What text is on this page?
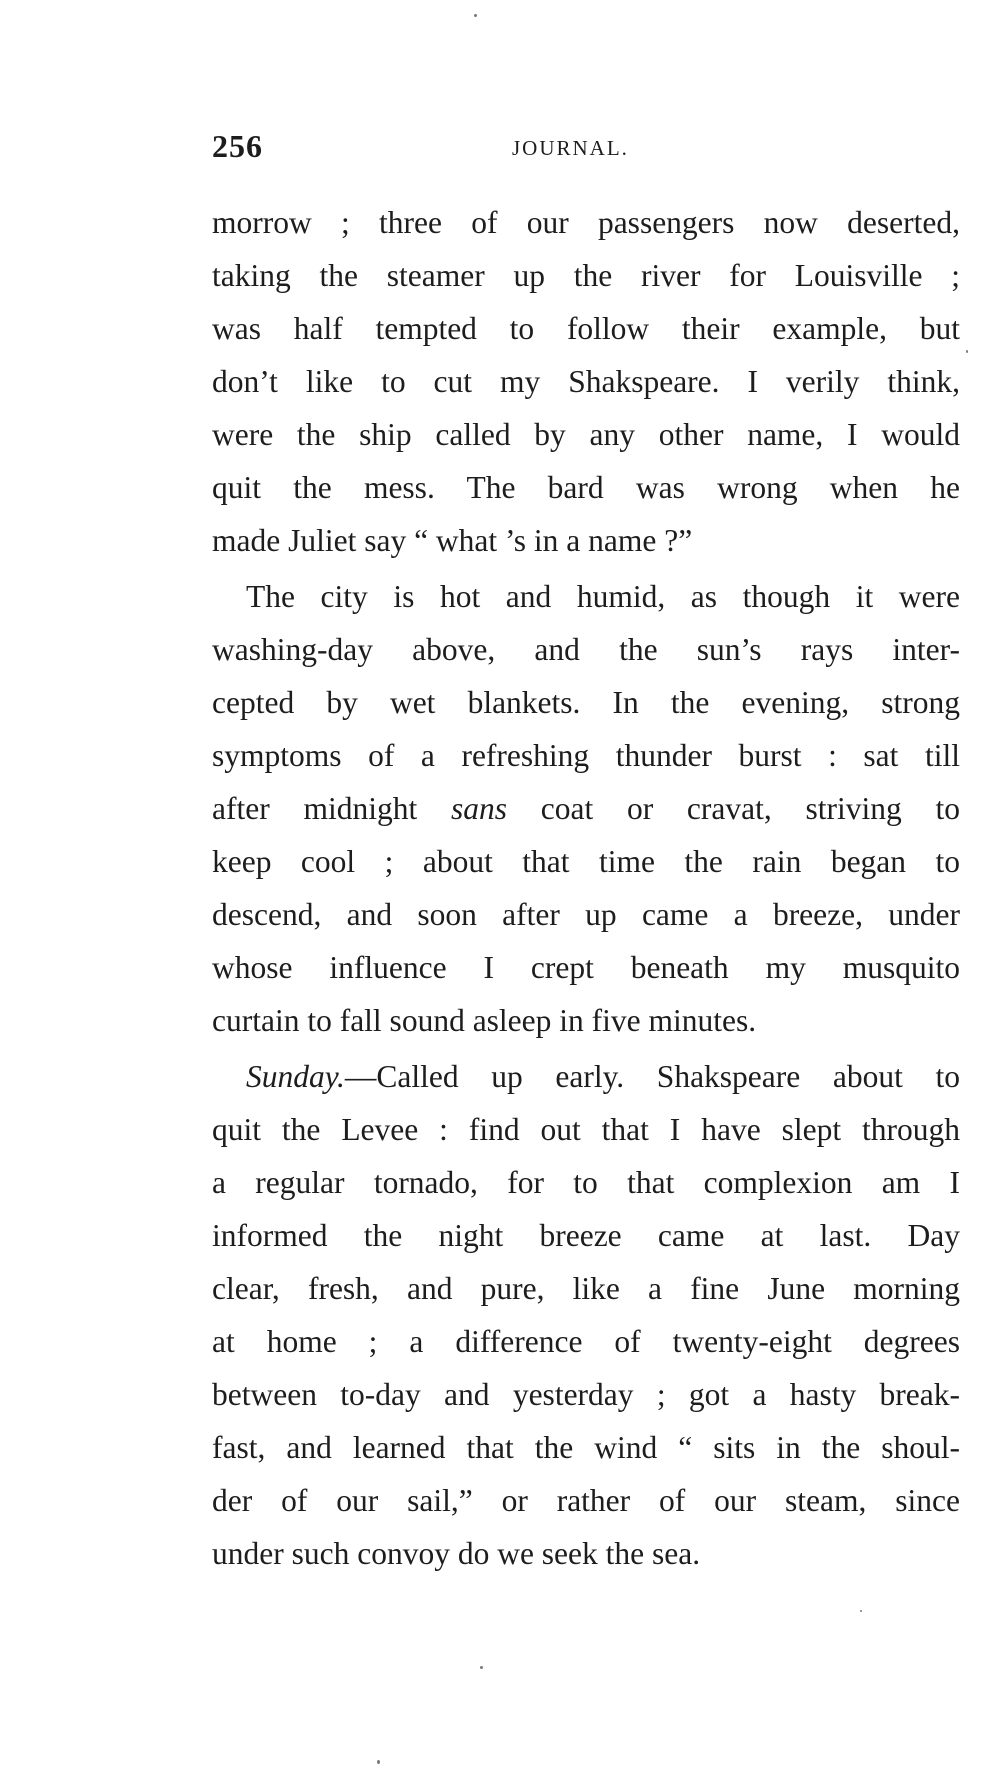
256	JOURNAL.
morrow ; three of our passengers now deserted,
taking the steamer up the river for Louisville ;
was half tempted to follow their example, but
don’t like to cut my Shakspeare. I verily think,
were the ship called by any other name, I would
quit the mess. The bard was wrong when he
made Juliet say “ what ’s in a name ?”
The city is hot and humid, as though it were
washing-day above, and the sun’s rays inter-
cepted by wet blankets. In the evening, strong
symptoms of a refreshing thunder burst : sat till
after midnight sans coat or cravat, striving to
keep cool ; about that time the rain began to
descend, and soon after up came a breeze, under
whose influence I crept beneath my musquito
curtain to fall sound asleep in five minutes.
Sunday.—Called up early. Shakspeare about to
quit the Levee : find out that I have slept through
a regular tornado, for to that complexion am I
informed the night breeze came at last. Day
clear, fresh, and pure, like a fine June morning
at home ; a difference of twenty-eight degrees
between to-day and yesterday ; got a hasty break-
fast, and learned that the wind “ sits in the shoul-
der of our sail,” or rather of our steam, since
under such convoy do we seek the sea.
